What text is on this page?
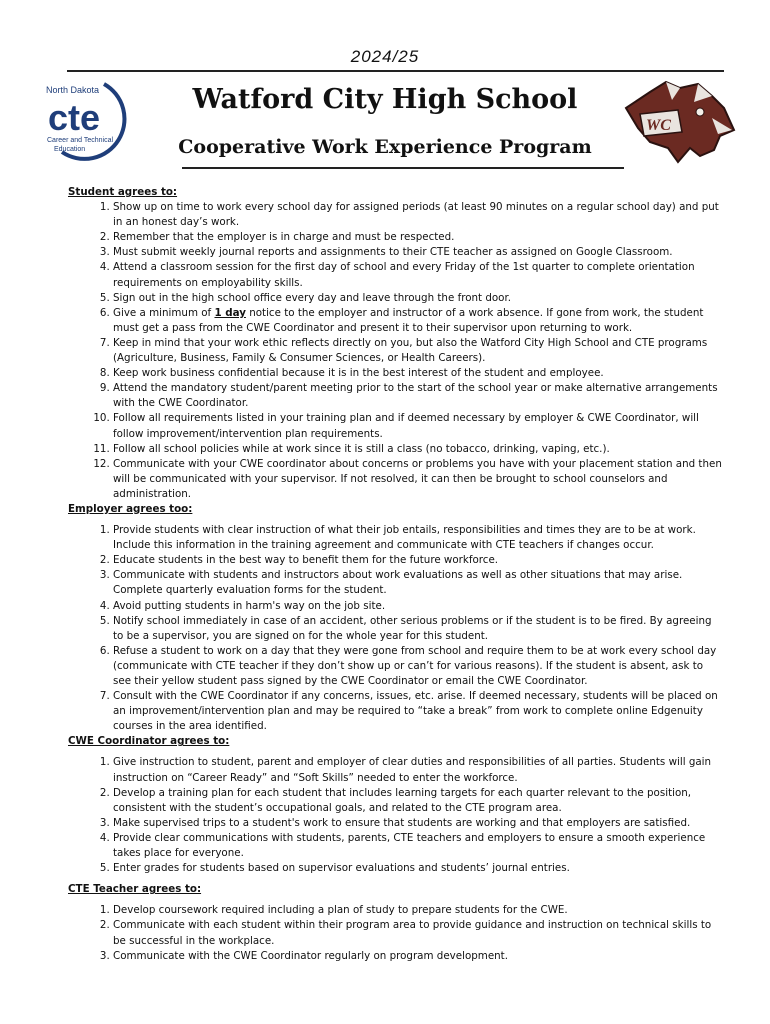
2024/25
North Dakota
cte
Career and Technical
Education
Watford City High School
Cooperative Work Experience Program
WC

Student agrees to:

1. Show up on time to work every school day for assigned periods (at least 90 minutes on a regular school day) and put in an honest day’s work.
2. Remember that the employer is in charge and must be respected.
3. Must submit weekly journal reports and assignments to their CTE teacher as assigned on Google Classroom.
4. Attend a classroom session for the first day of school and every Friday of the 1st quarter to complete orientation requirements on employability skills.
5. Sign out in the high school office every day and leave through the front door.
6. Give a minimum of 1 day notice to the employer and instructor of a work absence. If gone from work, the student must get a pass from the CWE Coordinator and present it to their supervisor upon returning to work.
7. Keep in mind that your work ethic reflects directly on you, but also the Watford City High School and CTE programs (Agriculture, Business, Family & Consumer Sciences, or Health Careers).
8. Keep work business confidential because it is in the best interest of the student and employee.
9. Attend the mandatory student/parent meeting prior to the start of the school year or make alternative arrangements with the CWE Coordinator.
10. Follow all requirements listed in your training plan and if deemed necessary by employer & CWE Coordinator, will follow improvement/intervention plan requirements.
11. Follow all school policies while at work since it is still a class (no tobacco, drinking, vaping, etc.).
12. Communicate with your CWE coordinator about concerns or problems you have with your placement station and then will be communicated with your supervisor. If not resolved, it can then be brought to school counselors and administration.

Employer agrees too:

1. Provide students with clear instruction of what their job entails, responsibilities and times they are to be at work. Include this information in the training agreement and communicate with CTE teachers if changes occur.
2. Educate students in the best way to benefit them for the future workforce.
3. Communicate with students and instructors about work evaluations as well as other situations that may arise. Complete quarterly evaluation forms for the student.
4. Avoid putting students in harm's way on the job site.
5. Notify school immediately in case of an accident, other serious problems or if the student is to be fired. By agreeing to be a supervisor, you are signed on for the whole year for this student.
6. Refuse a student to work on a day that they were gone from school and require them to be at work every school day (communicate with CTE teacher if they don’t show up or can’t for various reasons). If the student is absent, ask to see their yellow student pass signed by the CWE Coordinator or email the CWE Coordinator.
7. Consult with the CWE Coordinator if any concerns, issues, etc. arise. If deemed necessary, students will be placed on an improvement/intervention plan and may be required to “take a break” from work to complete online Edgenuity courses in the area identified.

CWE Coordinator agrees to:

1. Give instruction to student, parent and employer of clear duties and responsibilities of all parties. Students will gain instruction on “Career Ready” and “Soft Skills” needed to enter the workforce.
2. Develop a training plan for each student that includes learning targets for each quarter relevant to the position, consistent with the student’s occupational goals, and related to the CTE program area.
3. Make supervised trips to a student's work to ensure that students are working and that employers are satisfied.
4. Provide clear communications with students, parents, CTE teachers and employers to ensure a smooth experience takes place for everyone.
5. Enter grades for students based on supervisor evaluations and students’ journal entries.

CTE Teacher agrees to:

1. Develop coursework required including a plan of study to prepare students for the CWE.
2. Communicate with each student within their program area to provide guidance and instruction on technical skills to be successful in the workplace.
3. Communicate with the CWE Coordinator regularly on program development.
